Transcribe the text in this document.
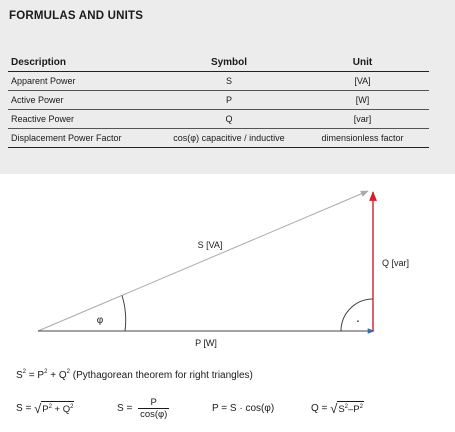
FORMULAS AND UNITS
Description	Symbol	Unit
Apparent Power	S	[VA]
Active Power	P	[W]
Reactive Power	Q	[var]
Displacement Power Factor	cos(φ) capacitive / inductive	dimensionless factor
·
S [VA]
Q [var]
P [W]
φ
$S^2 = P^2 + Q^2$ (Pythagorean theorem for right triangles)
S = √ $P^2 + Q^2$	$S = \frac{P}{\cos(\varphi)}$	P = S · cos(φ)	Q = √ $S^2-P^2$
